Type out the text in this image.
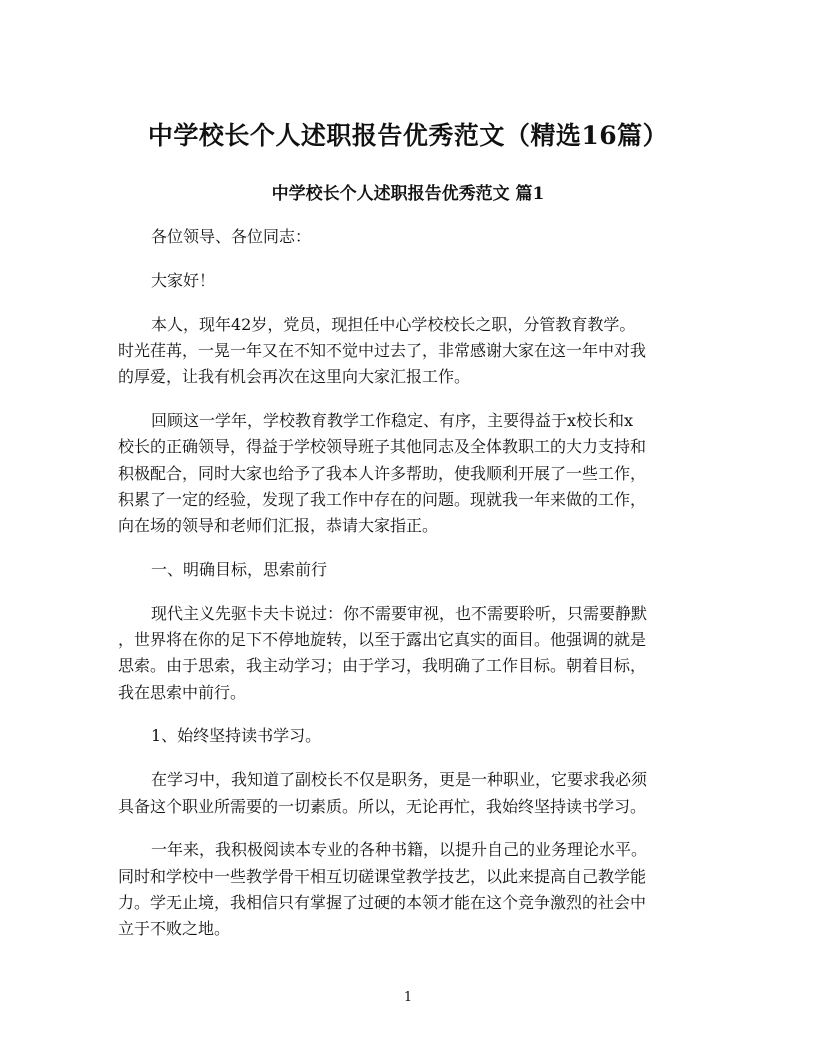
中学校长个人述职报告优秀范文（精选16篇）
中学校长个人述职报告优秀范文 篇1
各位领导、各位同志：
大家好！
本人，现年42岁，党员，现担任中心学校校长之职，分管教育教学。
时光荏苒，一晃一年又在不知不觉中过去了，非常感谢大家在这一年中对我
的厚爱，让我有机会再次在这里向大家汇报工作。
回顾这一学年，学校教育教学工作稳定、有序，主要得益于x校长和x
校长的正确领导，得益于学校领导班子其他同志及全体教职工的大力支持和
积极配合，同时大家也给予了我本人许多帮助，使我顺利开展了一些工作，
积累了一定的经验，发现了我工作中存在的问题。现就我一年来做的工作，
向在场的领导和老师们汇报，恭请大家指正。
一、明确目标，思索前行
现代主义先驱卡夫卡说过：你不需要审视，也不需要聆听，只需要静默
，世界将在你的足下不停地旋转，以至于露出它真实的面目。他强调的就是
思索。由于思索，我主动学习；由于学习，我明确了工作目标。朝着目标，
我在思索中前行。
1、始终坚持读书学习。
在学习中，我知道了副校长不仅是职务，更是一种职业，它要求我必须
具备这个职业所需要的一切素质。所以，无论再忙，我始终坚持读书学习。
一年来，我积极阅读本专业的各种书籍，以提升自己的业务理论水平。
同时和学校中一些教学骨干相互切磋课堂教学技艺，以此来提高自己教学能
力。学无止境，我相信只有掌握了过硬的本领才能在这个竞争激烈的社会中
立于不败之地。
1
